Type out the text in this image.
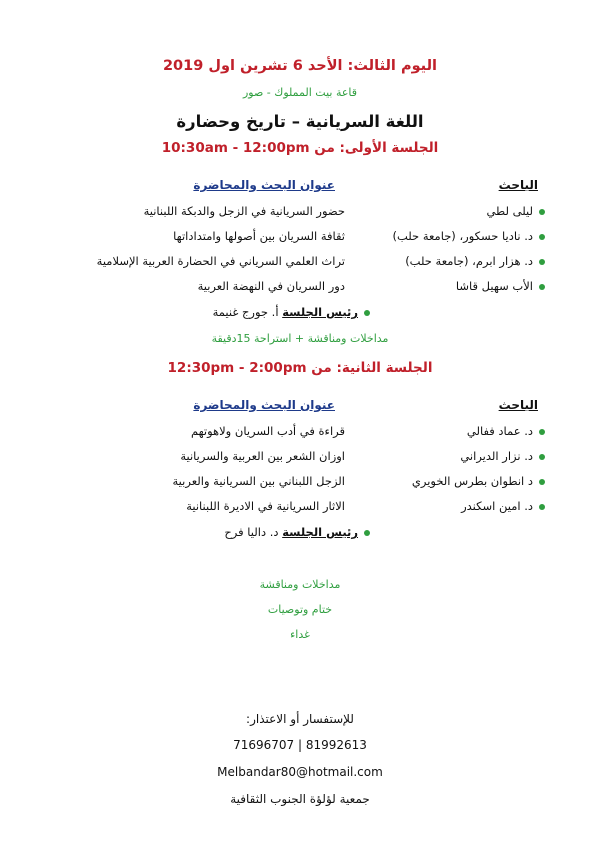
اليوم الثالث: الأحد 6 تشرين اول 2019
قاعة بيت المملوك - صور
اللغة السريانية – تاريخ وحضارة
الجلسة الأولى: من 10:30am - 12:00pm
الباحث
عنوان البحث والمحاضرة
ليلى لطي
حضور السريانية في الزجل والدبكة اللبنانية
د. ناديا حسكور، (جامعة حلب)
ثقافة السريان بين أصولها وامتداداتها
د. هزار ابرم، (جامعة حلب)
تراث العلمي السرياني في الحضارة العربية الإسلامية
الأب سهيل قاشا
دور السريان في النهضة العربية
رئيس الجلسة أ. جورج غنيمة
مداخلات ومناقشة + استراحة 15دقيقة
الجلسة الثانية: من 12:30pm - 2:00pm
الباحث
عنوان البحث والمحاضرة
د. عماد ففالي
قراءة في أدب السريان ولاهوتهم
د. نزار الديراني
اوزان الشعر بين العربية والسريانية
د انطوان بطرس الخويري
الزجل اللبناني بين السريانية والعربية
د. امين اسكندر
الاثار السريانية في الاديرة اللبنانية
رئيس الجلسة د. داليا فرح
مداخلات ومناقشة
ختام وتوصيات
غداء
للإستفسار أو الاعتذار:
71696707 | 81992613
Melbandar80@hotmail.com
جمعية لؤلؤة الجنوب الثقافية
